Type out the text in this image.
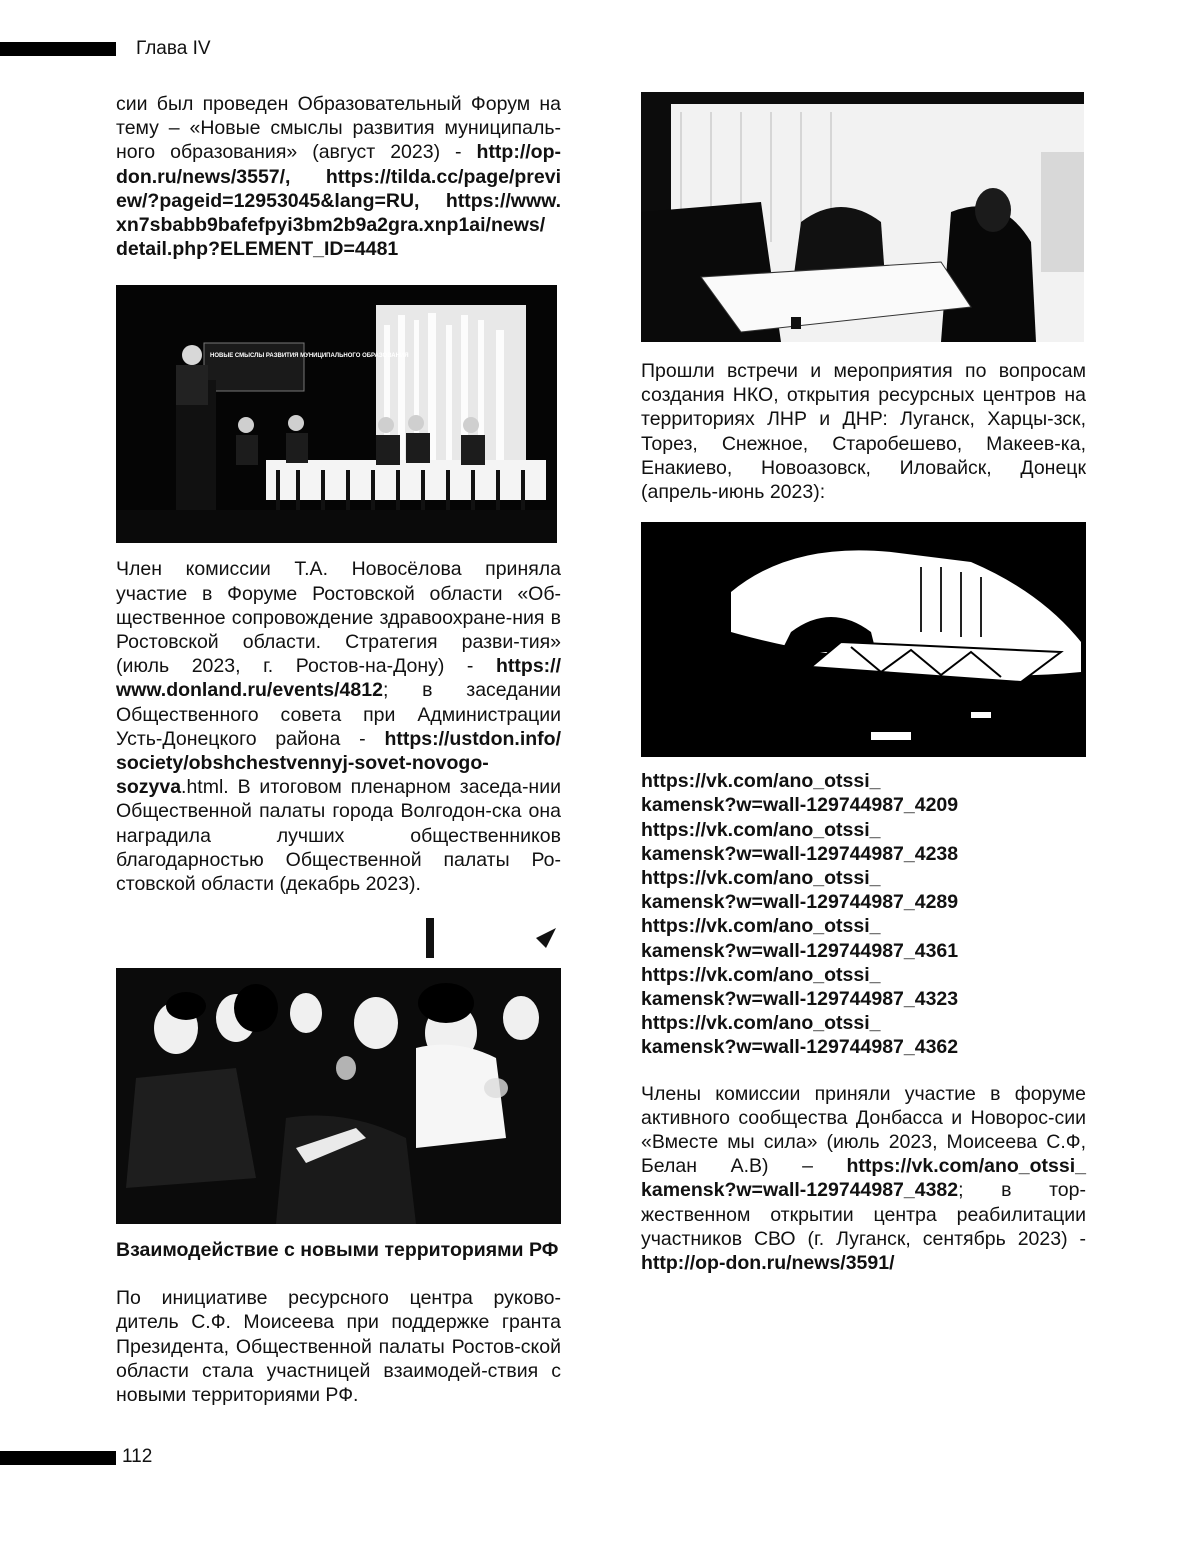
Глава IV

сии был проведен Образовательный Форум на тему – «Новые смыслы развития муниципаль-ного образования» (август 2023) - http://op-don.ru/news/3557/, https://tilda.cc/page/previ ew/?pageid=12953045&lang=RU, https://www. xn7sbabb9bafefpyi3bm2b9a2gra.xnp1ai/news/ detail.php?ELEMENT_ID=4481

НОВЫЕ СМЫСЛЫ РАЗВИТИЯ МУНИЦИПАЛЬНОГО ОБРАЗОВАНИЯ

Член комиссии Т.А. Новосёлова приняла участие в Форуме Ростовской области «Об-щественное сопровождение здравоохране-ния в Ростовской области. Стратегия разви-тия» (июль 2023, г. Ростов-на-Дону) - https:// www.donland.ru/events/4812; в заседании Общественного совета при Администрации Усть-Донецкого района - https://ustdon.info/ society/obshchestvennyj-sovet-novogo-sozyva.html. В итоговом пленарном заседа-нии Общественной палаты города Волгодон-ска она наградила лучших общественников благодарностью Общественной палаты Ро-стовской области (декабрь 2023).

Взаимодействие с новыми территориями РФ

По инициативе ресурсного центра руково-дитель С.Ф. Моисеева при поддержке гранта Президента, Общественной палаты Ростов-ской области стала участницей взаимодей-ствия с новыми территориями РФ.

Прошли встречи и мероприятия по вопросам создания НКО, открытия ресурсных центров на территориях ЛНР и ДНР: Луганск, Харцы-зск, Торез, Снежное, Старобешево, Макеев-ка, Енакиево, Новоазовск, Иловайск, Донецк (апрель-июнь 2023):

https://vk.com/ano_otssi_
kamensk?w=wall-129744987_4209

https://vk.com/ano_otssi_
kamensk?w=wall-129744987_4238

https://vk.com/ano_otssi_
kamensk?w=wall-129744987_4289

https://vk.com/ano_otssi_
kamensk?w=wall-129744987_4361

https://vk.com/ano_otssi_
kamensk?w=wall-129744987_4323

https://vk.com/ano_otssi_
kamensk?w=wall-129744987_4362

Члены комиссии приняли участие в форуме активного сообщества Донбасса и Новорос-сии «Вместе мы сила» (июль 2023, Моисеева С.Ф, Белан А.В) – https://vk.com/ano_otssi_ kamensk?w=wall-129744987_4382; в тор-жественном открытии центра реабилитации участников СВО (г. Луганск, сентябрь 2023) - http://op-don.ru/news/3591/

112
